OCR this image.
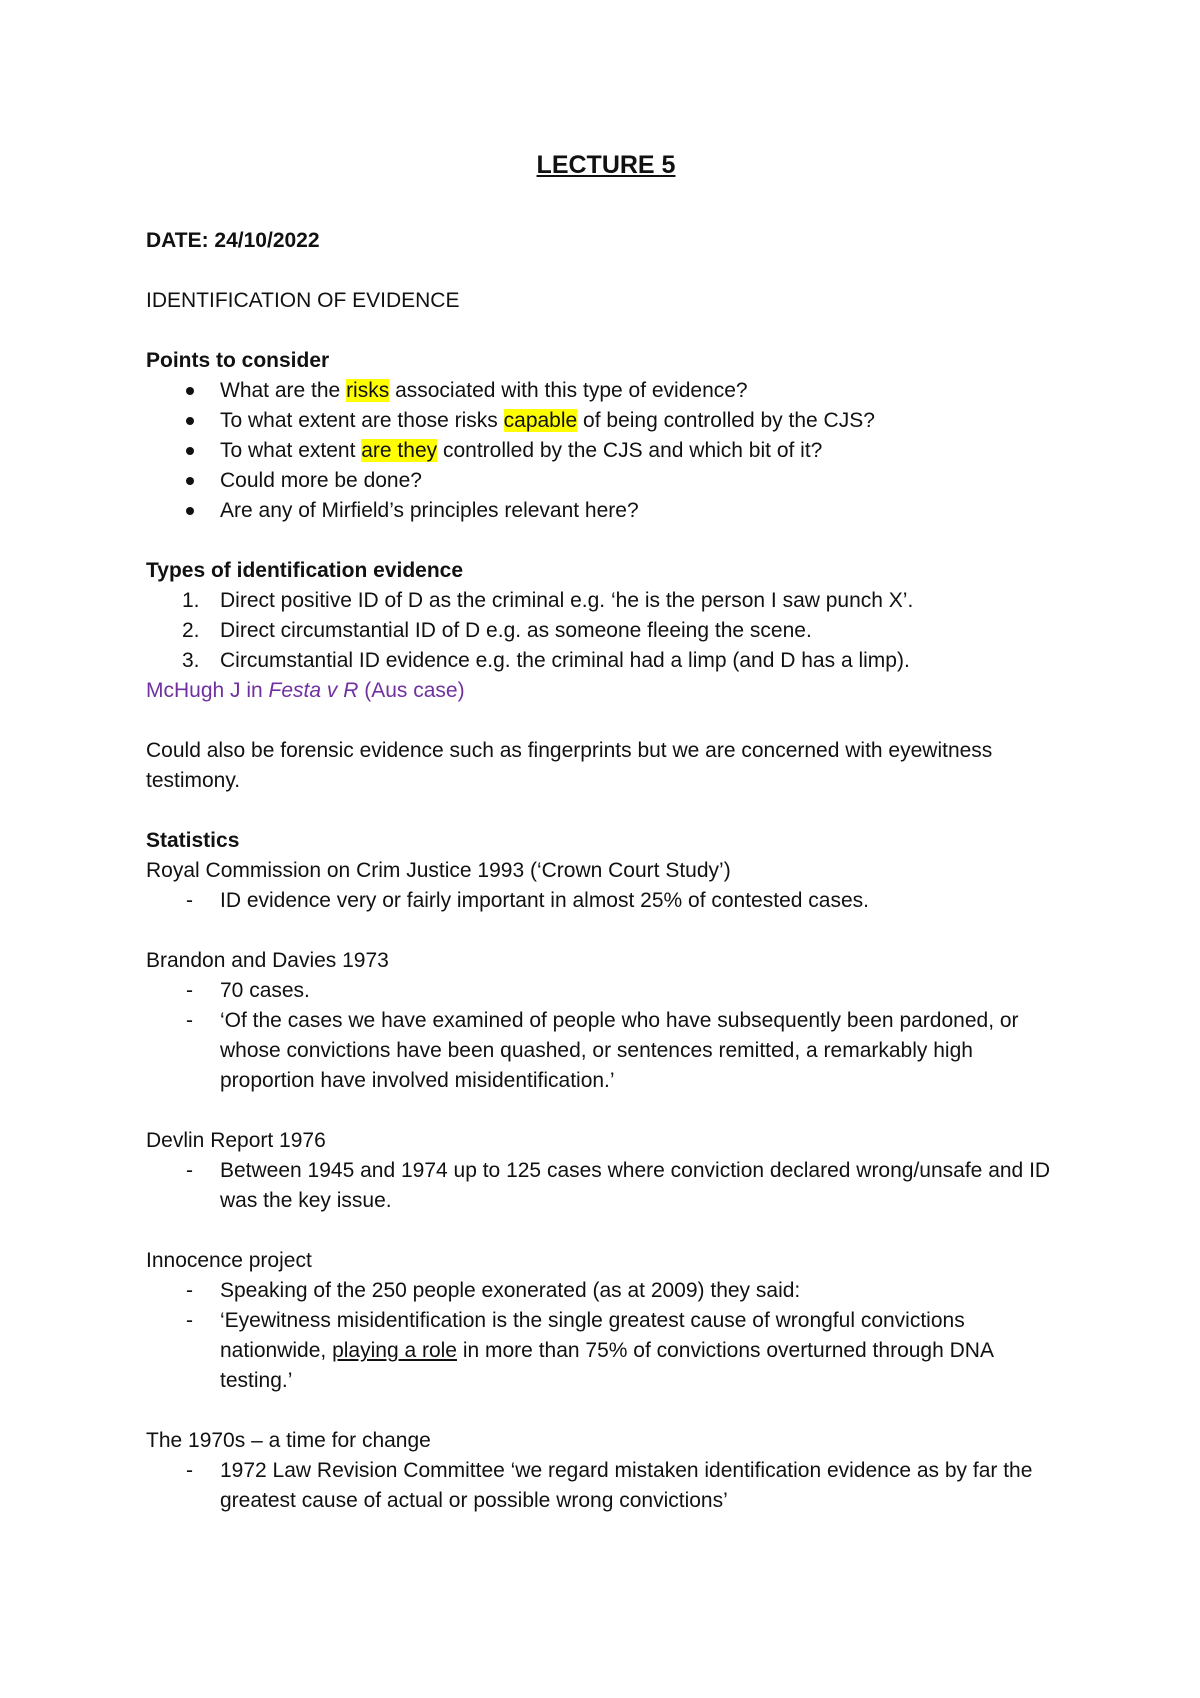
LECTURE 5
DATE: 24/10/2022
IDENTIFICATION OF EVIDENCE
Points to consider
What are the risks associated with this type of evidence?
To what extent are those risks capable of being controlled by the CJS?
To what extent are they controlled by the CJS and which bit of it?
Could more be done?
Are any of Mirfield’s principles relevant here?
Types of identification evidence
1. Direct positive ID of D as the criminal e.g. ‘he is the person I saw punch X’.
2. Direct circumstantial ID of D e.g. as someone fleeing the scene.
3. Circumstantial ID evidence e.g. the criminal had a limp (and D has a limp).
McHugh J in Festa v R (Aus case)
Could also be forensic evidence such as fingerprints but we are concerned with eyewitness testimony.
Statistics
Royal Commission on Crim Justice 1993 (‘Crown Court Study’)
- ID evidence very or fairly important in almost 25% of contested cases.
Brandon and Davies 1973
- 70 cases.
- ‘Of the cases we have examined of people who have subsequently been pardoned, or whose convictions have been quashed, or sentences remitted, a remarkably high proportion have involved misidentification.’
Devlin Report 1976
- Between 1945 and 1974 up to 125 cases where conviction declared wrong/unsafe and ID was the key issue.
Innocence project
- Speaking of the 250 people exonerated (as at 2009) they said:
- ‘Eyewitness misidentification is the single greatest cause of wrongful convictions nationwide, playing a role in more than 75% of convictions overturned through DNA testing.’
The 1970s – a time for change
- 1972 Law Revision Committee ‘we regard mistaken identification evidence as by far the greatest cause of actual or possible wrong convictions’
